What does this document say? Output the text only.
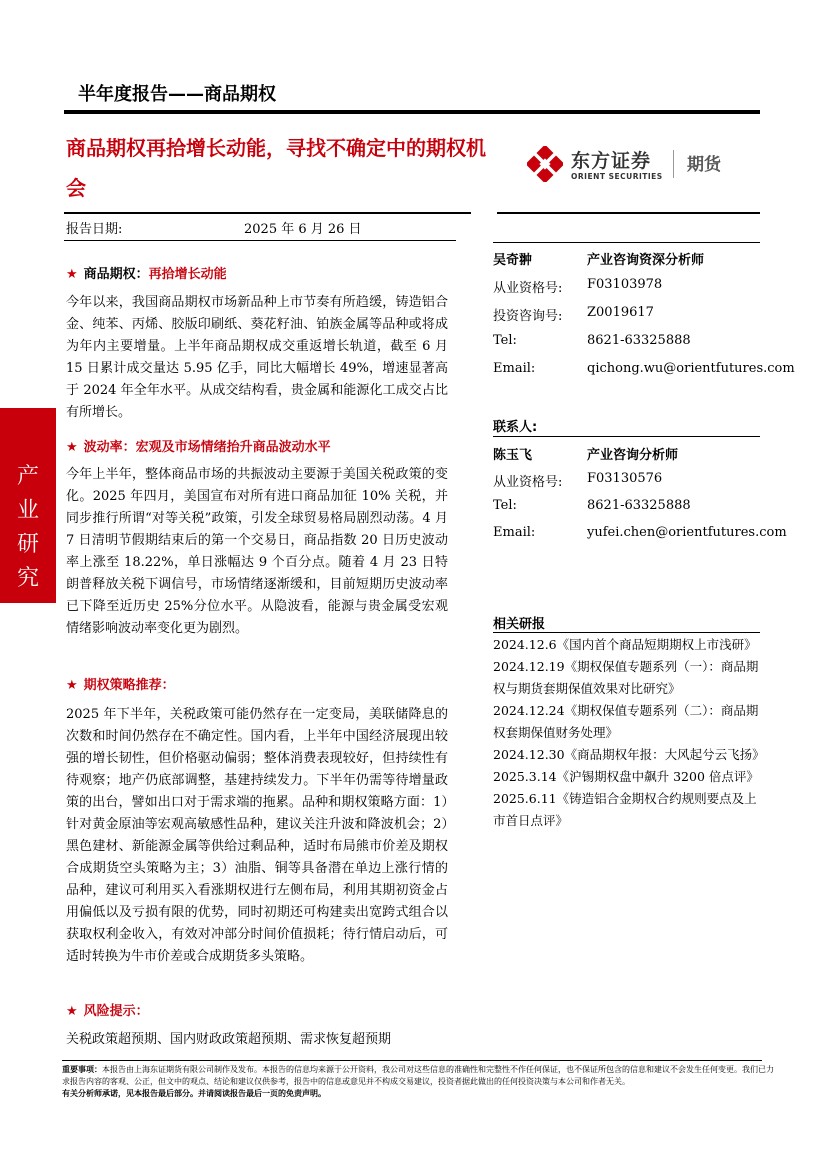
产
业
研
究
半年度报告——商品期权
商品期权再拾增长动能，寻找不确定中的期权机会
东方证券
ORIENT SECURITIES
期货
报告日期:	2025 年 6 月 26 日
★ 商品期权：再拾增长动能

今年以来，我国商品期权市场新品种上市节奏有所趋缓，铸造铝合金、纯苯、丙烯、胶版印刷纸、葵花籽油、铂族金属等品种或将成为年内主要增量。上半年商品期权成交重返增长轨道，截至 6 月 15 日累计成交量达 5.95 亿手，同比大幅增长 49%，增速显著高于 2024 年全年水平。从成交结构看，贵金属和能源化工成交占比有所增长。

★ 波动率：宏观及市场情绪抬升商品波动水平

今年上半年，整体商品市场的共振波动主要源于美国关税政策的变化。2025 年四月，美国宣布对所有进口商品加征 10% 关税，并同步推行所谓“对等关税”政策，引发全球贸易格局剧烈动荡。4 月 7 日清明节假期结束后的第一个交易日，商品指数 20 日历史波动率上涨至 18.22%，单日涨幅达 9 个百分点。随着 4 月 23 日特朗普释放关税下调信号，市场情绪逐渐缓和，目前短期历史波动率已下降至近历史 25%分位水平。从隐波看，能源与贵金属受宏观情绪影响波动率变化更为剧烈。

★ 期权策略推荐：

2025 年下半年，关税政策可能仍然存在一定变局，美联储降息的次数和时间仍然存在不确定性。国内看，上半年中国经济展现出较强的增长韧性，但价格驱动偏弱；整体消费表现较好，但持续性有待观察；地产仍底部调整，基建持续发力。下半年仍需等待增量政策的出台，譬如出口对于需求端的拖累。品种和期权策略方面：1）针对黄金原油等宏观高敏感性品种，建议关注升波和降波机会；2）黑色建材、新能源金属等供给过剩品种，适时布局熊市价差及期权合成期货空头策略为主；3）油脂、铜等具备潜在单边上涨行情的品种，建议可利用买入看涨期权进行左侧布局，利用其期初资金占用偏低以及亏损有限的优势，同时初期还可构建卖出宽跨式组合以获取权利金收入，有效对冲部分时间价值损耗；待行情启动后，可适时转换为牛市价差或合成期货多头策略。

★ 风险提示：

关税政策超预期、国内财政政策超预期、需求恢复超预期

吴奇翀	产业咨询资深分析师
从业资格号: F03103978
投资咨询号: Z0019617
Tel:	8621-63325888
Email:	qichong.wu@orientfutures.com
联系人:
陈玉飞	产业咨询分析师
从业资格号: F03130576
Tel:	8621-63325888
Email:	yufei.chen@orientfutures.com
相关研报
2024.12.6《国内首个商品短期期权上市浅研》
2024.12.19《期权保值专题系列（一）：商品期权与期货套期保值效果对比研究》
2024.12.24《期权保值专题系列（二）：商品期权套期保值财务处理》
2024.12.30《商品期权年报：大风起兮云飞扬》
2025.3.14《沪锡期权盘中飙升 3200 倍点评》
2025.6.11《铸造铝合金期权合约规则要点及上市首日点评》
重要事项：本报告由上海东证期货有限公司制作及发布。本报告的信息均来源于公开资料，我公司对这些信息的准确性和完整性不作任何保证，也不保证所包含的信息和建议不会发生任何变更。我们已力求报告内容的客观、公正，但文中的观点、结论和建议仅供参考，报告中的信息或意见并不构成交易建议，投资者据此做出的任何投资决策与本公司和作者无关。
有关分析师承诺，见本报告最后部分。并请阅读报告最后一页的免责声明。
